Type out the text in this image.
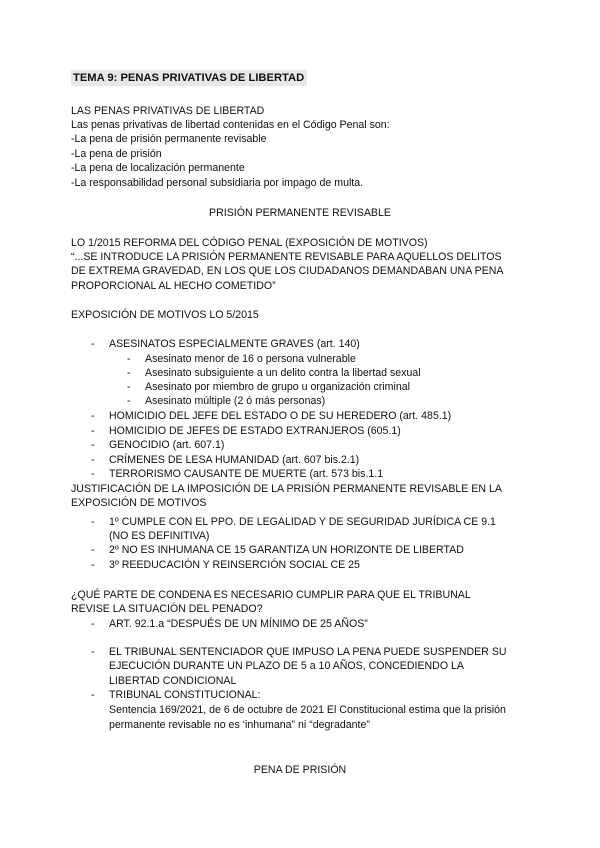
TEMA 9: PENAS PRIVATIVAS DE LIBERTAD
LAS PENAS PRIVATIVAS DE LIBERTAD
Las penas privativas de libertad contenidas en el Código Penal son:
-La pena de prisión permanente revisable
-La pena de prisión
-La pena de localización permanente
-La responsabilidad personal subsidiaria por impago de multa.
PRISIÓN PERMANENTE REVISABLE
LO 1/2015 REFORMA DEL CÓDIGO PENAL (EXPOSICIÓN DE MOTIVOS)
“...SE INTRODUCE LA PRISIÓN PERMANENTE REVISABLE PARA AQUELLOS DELITOS
DE EXTREMA GRAVEDAD, EN LOS QUE LOS CIUDADANOS DEMANDABAN UNA PENA
PROPORCIONAL AL HECHO COMETIDO”
EXPOSICIÓN DE MOTIVOS LO 5/2015
- ASESINATOS ESPECIALMENTE GRAVES (art. 140)
- Asesinato menor de 16 o persona vulnerable
- Asesinato subsiguiente a un delito contra la libertad sexual
- Asesinato por miembro de grupo u organización criminal
- Asesinato múltiple (2 ó más personas)
- HOMICIDIO DEL JEFE DEL ESTADO O DE SU HEREDERO (art. 485.1)
- HOMICIDIO DE JEFES DE ESTADO EXTRANJEROS (605.1)
- GENOCIDIO (art. 607.1)
- CRÍMENES DE LESA HUMANIDAD (art. 607 bis.2.1)
- TERRORISMO CAUSANTE DE MUERTE (art. 573 bis.1.1
JUSTIFICACIÓN DE LA IMPOSICIÓN DE LA PRISIÓN PERMANENTE REVISABLE EN LA
EXPOSICIÓN DE MOTIVOS
- 1º CUMPLE CON EL PPO. DE LEGALIDAD Y DE SEGURIDAD JURÍDICA CE 9.1
(NO ES DEFINITIVA)
- 2º NO ES INHUMANA CE 15 GARANTIZA UN HORIZONTE DE LIBERTAD
- 3º REEDUCACIÓN Y REINSERCIÓN SOCIAL CE 25
¿QUÉ PARTE DE CONDENA ES NECESARIO CUMPLIR PARA QUE EL TRIBUNAL
REVISE LA SITUACIÓN DEL PENADO?
- ART. 92.1.a “DESPUÉS DE UN MÍNIMO DE 25 AÑOS”
- EL TRIBUNAL SENTENCIADOR QUE IMPUSO LA PENA PUEDE SUSPENDER SU
EJECUCIÓN DURANTE UN PLAZO DE 5 a 10 AÑOS, CONCEDIENDO LA
LIBERTAD CONDICIONAL
- TRIBUNAL CONSTITUCIONAL:
Sentencia 169/2021, de 6 de octubre de 2021 El Constitucional estima que la prisión
permanente revisable no es ‘inhumana” ni “degradante”
PENA DE PRISIÓN
